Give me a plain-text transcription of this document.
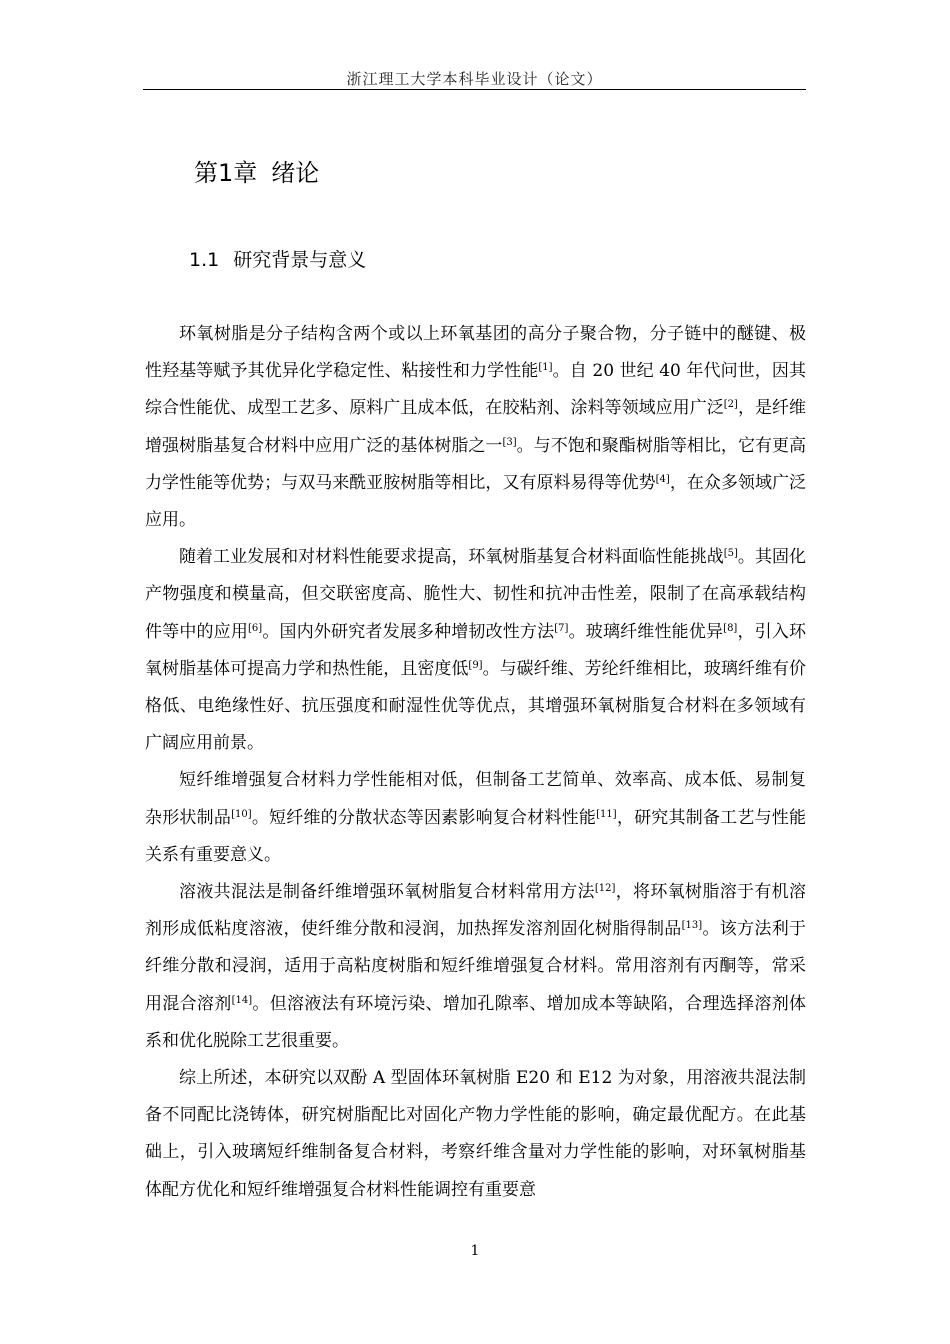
浙江理工大学本科毕业设计（论文）
第1章 绪论
1.1 研究背景与意义

环氧树脂是分子结构含两个或以上环氧基团的高分子聚合物，分子链中的醚键、极性羟基等赋予其优异化学稳定性、粘接性和力学性能[1]。自 20 世纪 40 年代问世，因其综合性能优、成型工艺多、原料广且成本低，在胶粘剂、涂料等领域应用广泛[2]，是纤维增强树脂基复合材料中应用广泛的基体树脂之一[3]。与不饱和聚酯树脂等相比，它有更高力学性能等优势；与双马来酰亚胺树脂等相比，又有原料易得等优势[4]，在众多领域广泛应用。

随着工业发展和对材料性能要求提高，环氧树脂基复合材料面临性能挑战[5]。其固化产物强度和模量高，但交联密度高、脆性大、韧性和抗冲击性差，限制了在高承载结构件等中的应用[6]。国内外研究者发展多种增韧改性方法[7]。玻璃纤维性能优异[8]，引入环氧树脂基体可提高力学和热性能，且密度低[9]。与碳纤维、芳纶纤维相比，玻璃纤维有价格低、电绝缘性好、抗压强度和耐湿性优等优点，其增强环氧树脂复合材料在多领域有广阔应用前景。

短纤维增强复合材料力学性能相对低，但制备工艺简单、效率高、成本低、易制复杂形状制品[10]。短纤维的分散状态等因素影响复合材料性能[11]，研究其制备工艺与性能关系有重要意义。

溶液共混法是制备纤维增强环氧树脂复合材料常用方法[12]，将环氧树脂溶于有机溶剂形成低粘度溶液，使纤维分散和浸润，加热挥发溶剂固化树脂得制品[13]。该方法利于纤维分散和浸润，适用于高粘度树脂和短纤维增强复合材料。常用溶剂有丙酮等，常采用混合溶剂[14]。但溶液法有环境污染、增加孔隙率、增加成本等缺陷，合理选择溶剂体系和优化脱除工艺很重要。

综上所述，本研究以双酚 A 型固体环氧树脂 E20 和 E12 为对象，用溶液共混法制备不同配比浇铸体，研究树脂配比对固化产物力学性能的影响，确定最优配方。在此基础上，引入玻璃短纤维制备复合材料，考察纤维含量对力学性能的影响，对环氧树脂基体配方优化和短纤维增强复合材料性能调控有重要意

1
